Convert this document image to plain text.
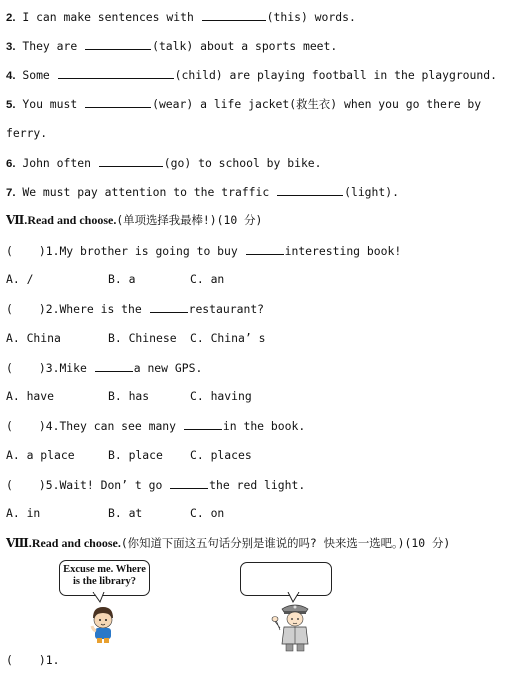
2. I can make sentences with	(this) words.
3. They are	(talk) about a sports meet.
4. Some	(child) are playing football in the playground.
5. You must	(wear) a life jacket(救生衣) when you go there by
ferry.
6. John often	(go) to school by bike.
7. We must pay attention to the traffic	(light).
Ⅶ.Read and choose.(单项选择我最棒!)(10 分)
( )1.My brother is going to buy	interesting book!
A. /	B. a	C. an
( )2.Where is the	restaurant?
A. China	B. Chinese C. China’ s
( )3.Mike	a new GPS.
A. have	B. has	C. having
( )4.They can see many	in the book.
A. a place	B. place C. places
( )5.Wait! Don’ t go	the red light.
A. in	B. at	C. on
Ⅷ.Read and choose.(你知道下面这五句话分别是谁说的吗? 快来选一选吧。)(10 分)
Excuse me. Where
is the library?
( )1.
